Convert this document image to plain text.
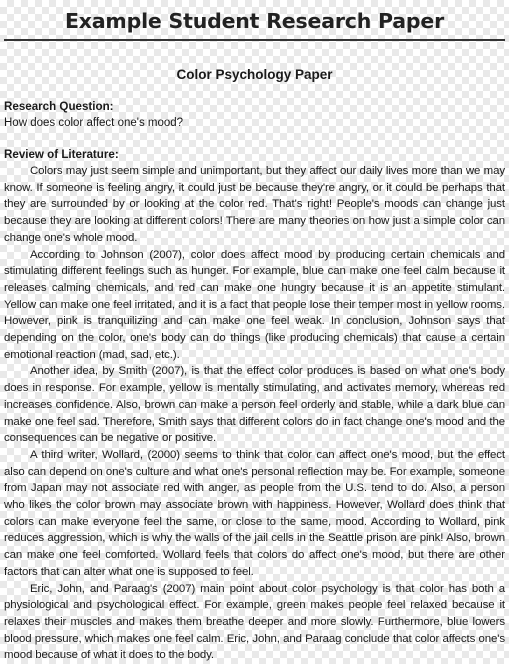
Example Student Research Paper
Color Psychology Paper

Research Question:

How does color affect one's mood?

Review of Literature:

Colors may just seem simple and unimportant, but they affect our daily lives more than we may know. If someone is feeling angry, it could just be because they're angry, or it could be perhaps that they are surrounded by or looking at the color red. That's right! People's moods can change just because they are looking at different colors! There are many theories on how just a simple color can change one's whole mood.

According to Johnson (2007), color does affect mood by producing certain chemicals and stimulating different feelings such as hunger. For example, blue can make one feel calm because it releases calming chemicals, and red can make one hungry because it is an appetite stimulant. Yellow can make one feel irritated, and it is a fact that people lose their temper most in yellow rooms. However, pink is tranquilizing and can make one feel weak. In conclusion, Johnson says that depending on the color, one's body can do things (like producing chemicals) that cause a certain emotional reaction (mad, sad, etc.).

Another idea, by Smith (2007), is that the effect color produces is based on what one's body does in response. For example, yellow is mentally stimulating, and activates memory, whereas red increases confidence. Also, brown can make a person feel orderly and stable, while a dark blue can make one feel sad. Therefore, Smith says that different colors do in fact change one's mood and the consequences can be negative or positive.

A third writer, Wollard, (2000) seems to think that color can affect one's mood, but the effect also can depend on one's culture and what one's personal reflection may be. For example, someone from Japan may not associate red with anger, as people from the U.S. tend to do. Also, a person who likes the color brown may associate brown with happiness. However, Wollard does think that colors can make everyone feel the same, or close to the same, mood. According to Wollard, pink reduces aggression, which is why the walls of the jail cells in the Seattle prison are pink! Also, brown can make one feel comforted. Wollard feels that colors do affect one's mood, but there are other factors that can alter what one is supposed to feel.

Eric, John, and Paraag's (2007) main point about color psychology is that color has both a physiological and psychological effect. For example, green makes people feel relaxed because it relaxes their muscles and makes them breathe deeper and more slowly. Furthermore, blue lowers blood pressure, which makes one feel calm. Eric, John, and Paraag conclude that color affects one's mood because of what it does to the body.
